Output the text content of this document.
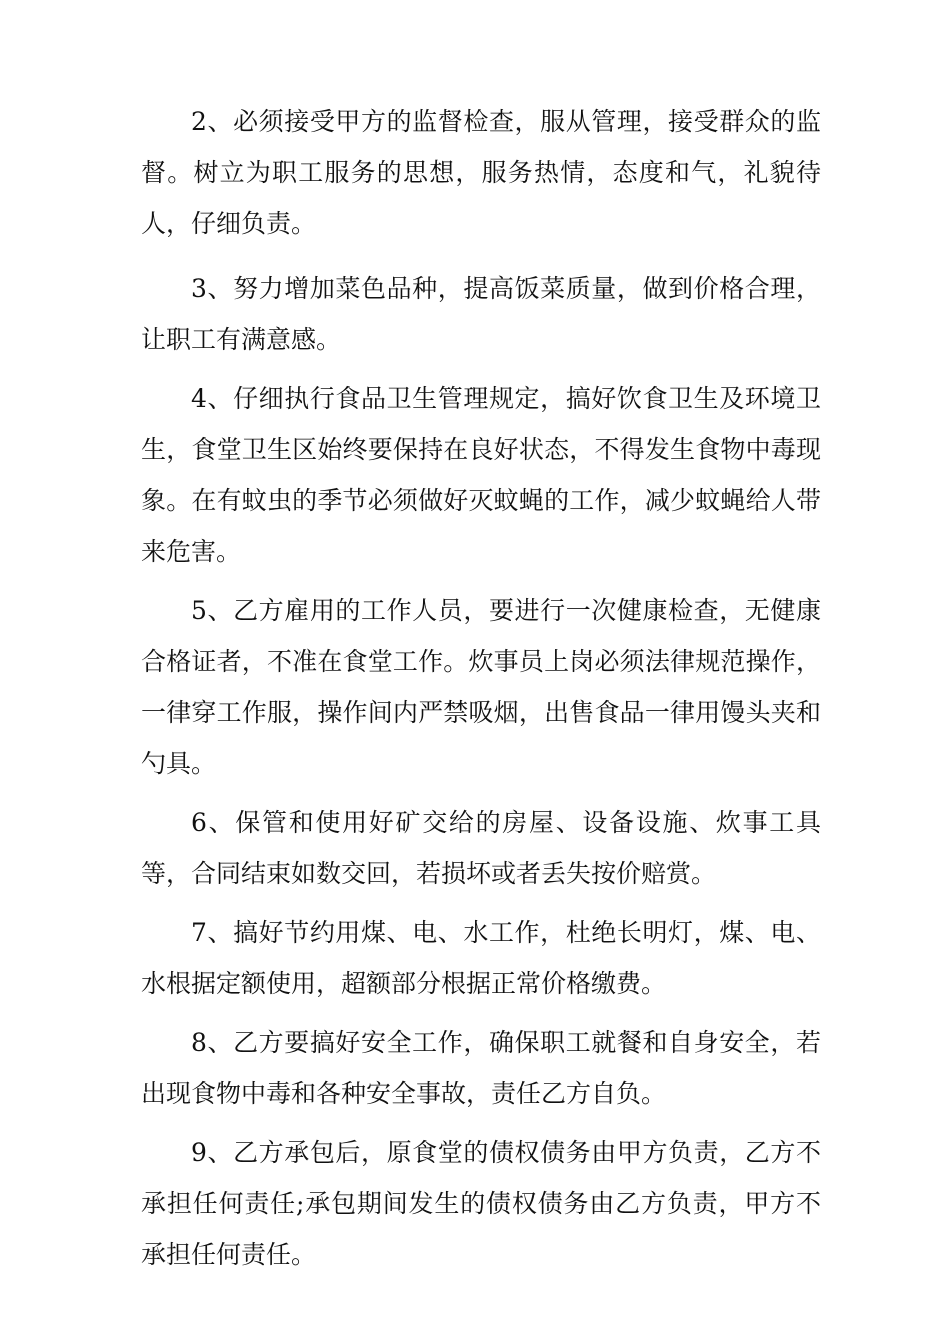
2、必须接受甲方的监督检查，服从管理，接受群众的监督。树立为职工服务的思想，服务热情，态度和气，礼貌待人，仔细负责。

3、努力增加菜色品种，提高饭菜质量，做到价格合理，让职工有满意感。

4、仔细执行食品卫生管理规定，搞好饮食卫生及环境卫生，食堂卫生区始终要保持在良好状态，不得发生食物中毒现象。在有蚊虫的季节必须做好灭蚊蝇的工作，减少蚊蝇给人带来危害。

5、乙方雇用的工作人员，要进行一次健康检查，无健康合格证者，不准在食堂工作。炊事员上岗必须法律规范操作，一律穿工作服，操作间内严禁吸烟，出售食品一律用馒头夹和勺具。

6、保管和使用好矿交给的房屋、设备设施、炊事工具等，合同结束如数交回，若损坏或者丢失按价赔赏。

7、搞好节约用煤、电、水工作，杜绝长明灯，煤、电、水根据定额使用，超额部分根据正常价格缴费。

8、乙方要搞好安全工作，确保职工就餐和自身安全，若出现食物中毒和各种安全事故，责任乙方自负。

9、乙方承包后，原食堂的债权债务由甲方负责，乙方不承担任何责任;承包期间发生的债权债务由乙方负责，甲方不承担任何责任。
